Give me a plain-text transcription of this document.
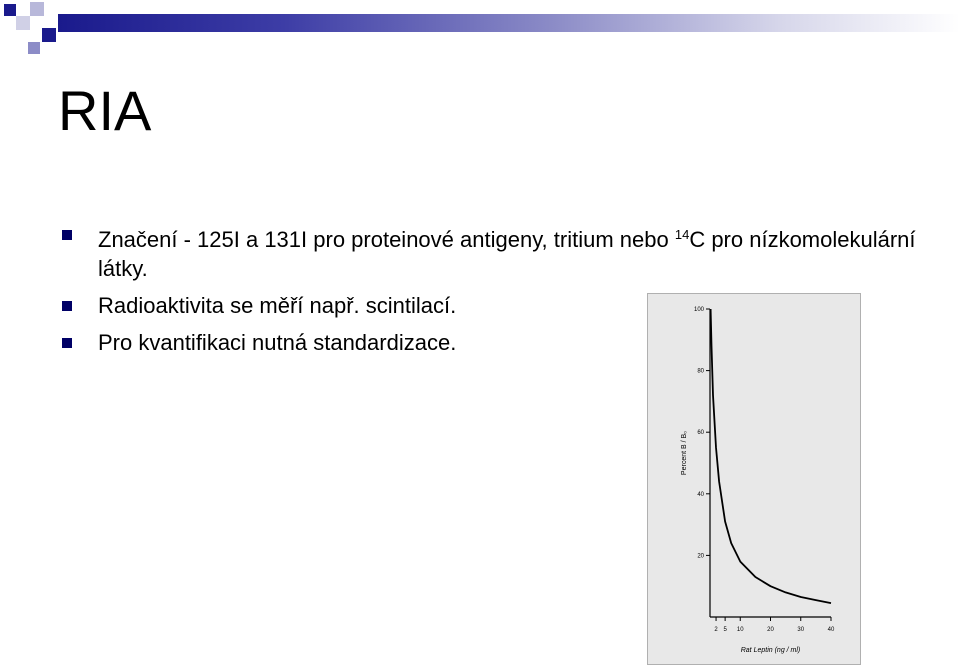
RIA
Značení - 125I a 131I pro proteinové antigeny, tritium nebo $^{14}$C pro nízkomolekulární látky.
Radioaktivita se měří např. scintilací.
Pro kvantifikaci nutná standardizace.
20
40
60
80
100
2 5 10	20	30	40
Rat Leptin (ng / ml)
Percent B / B₀
